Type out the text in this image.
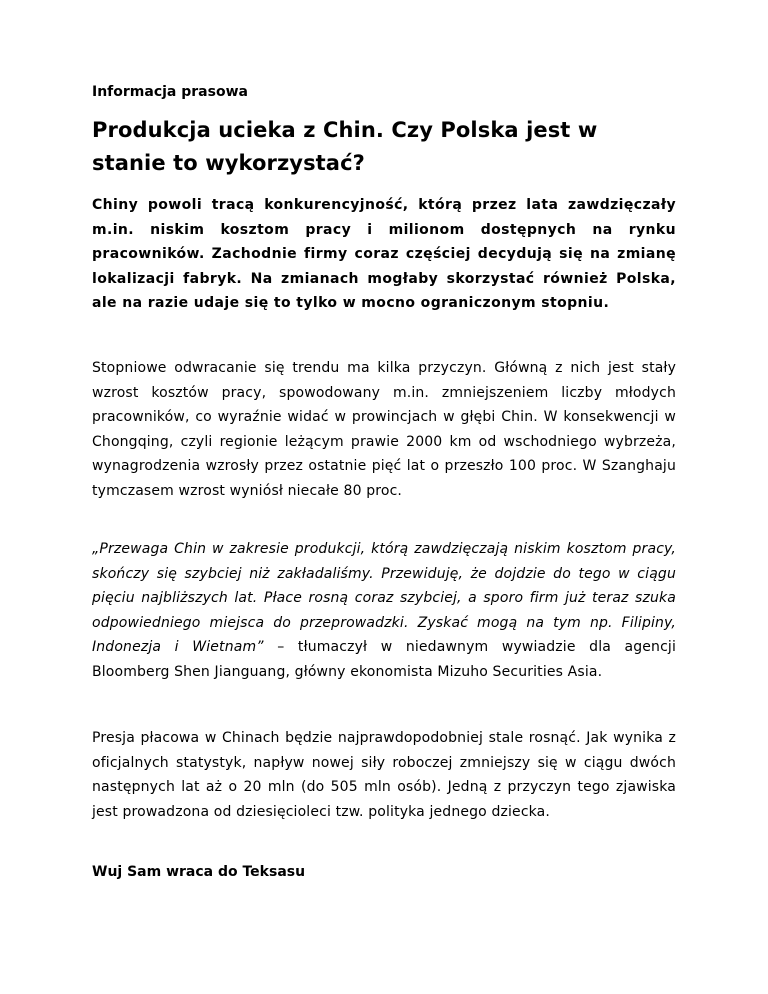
Informacja prasowa

Produkcja ucieka z Chin. Czy Polska jest w stanie to wykorzystać?

Chiny powoli tracą konkurencyjność, którą przez lata zawdzięczały m.in. niskim kosztom pracy i milionom dostępnych na rynku pracowników. Zachodnie firmy coraz częściej decydują się na zmianę lokalizacji fabryk. Na zmianach mogłaby skorzystać również Polska, ale na razie udaje się to tylko w mocno ograniczonym stopniu.

Stopniowe odwracanie się trendu ma kilka przyczyn. Główną z nich jest stały wzrost kosztów pracy, spowodowany m.in. zmniejszeniem liczby młodych pracowników, co wyraźnie widać w prowincjach w głębi Chin. W konsekwencji w Chongqing, czyli regionie leżącym prawie 2000 km od wschodniego wybrzeża, wynagrodzenia wzrosły przez ostatnie pięć lat o przeszło 100 proc. W Szanghaju tymczasem wzrost wyniósł niecałe 80 proc.

„Przewaga Chin w zakresie produkcji, którą zawdzięczają niskim kosztom pracy, skończy się szybciej niż zakładaliśmy. Przewiduję, że dojdzie do tego w ciągu pięciu najbliższych lat. Płace rosną coraz szybciej, a sporo firm już teraz szuka odpowiedniego miejsca do przeprowadzki. Zyskać mogą na tym np. Filipiny, Indonezja i Wietnam” – tłumaczył w niedawnym wywiadzie dla agencji Bloomberg Shen Jianguang, główny ekonomista Mizuho Securities Asia.

Presja płacowa w Chinach będzie najprawdopodobniej stale rosnąć. Jak wynika z oficjalnych statystyk, napływ nowej siły roboczej zmniejszy się w ciągu dwóch następnych lat aż o 20 mln (do 505 mln osób). Jedną z przyczyn tego zjawiska jest prowadzona od dziesięcioleci tzw. polityka jednego dziecka.

Wuj Sam wraca do Teksasu
